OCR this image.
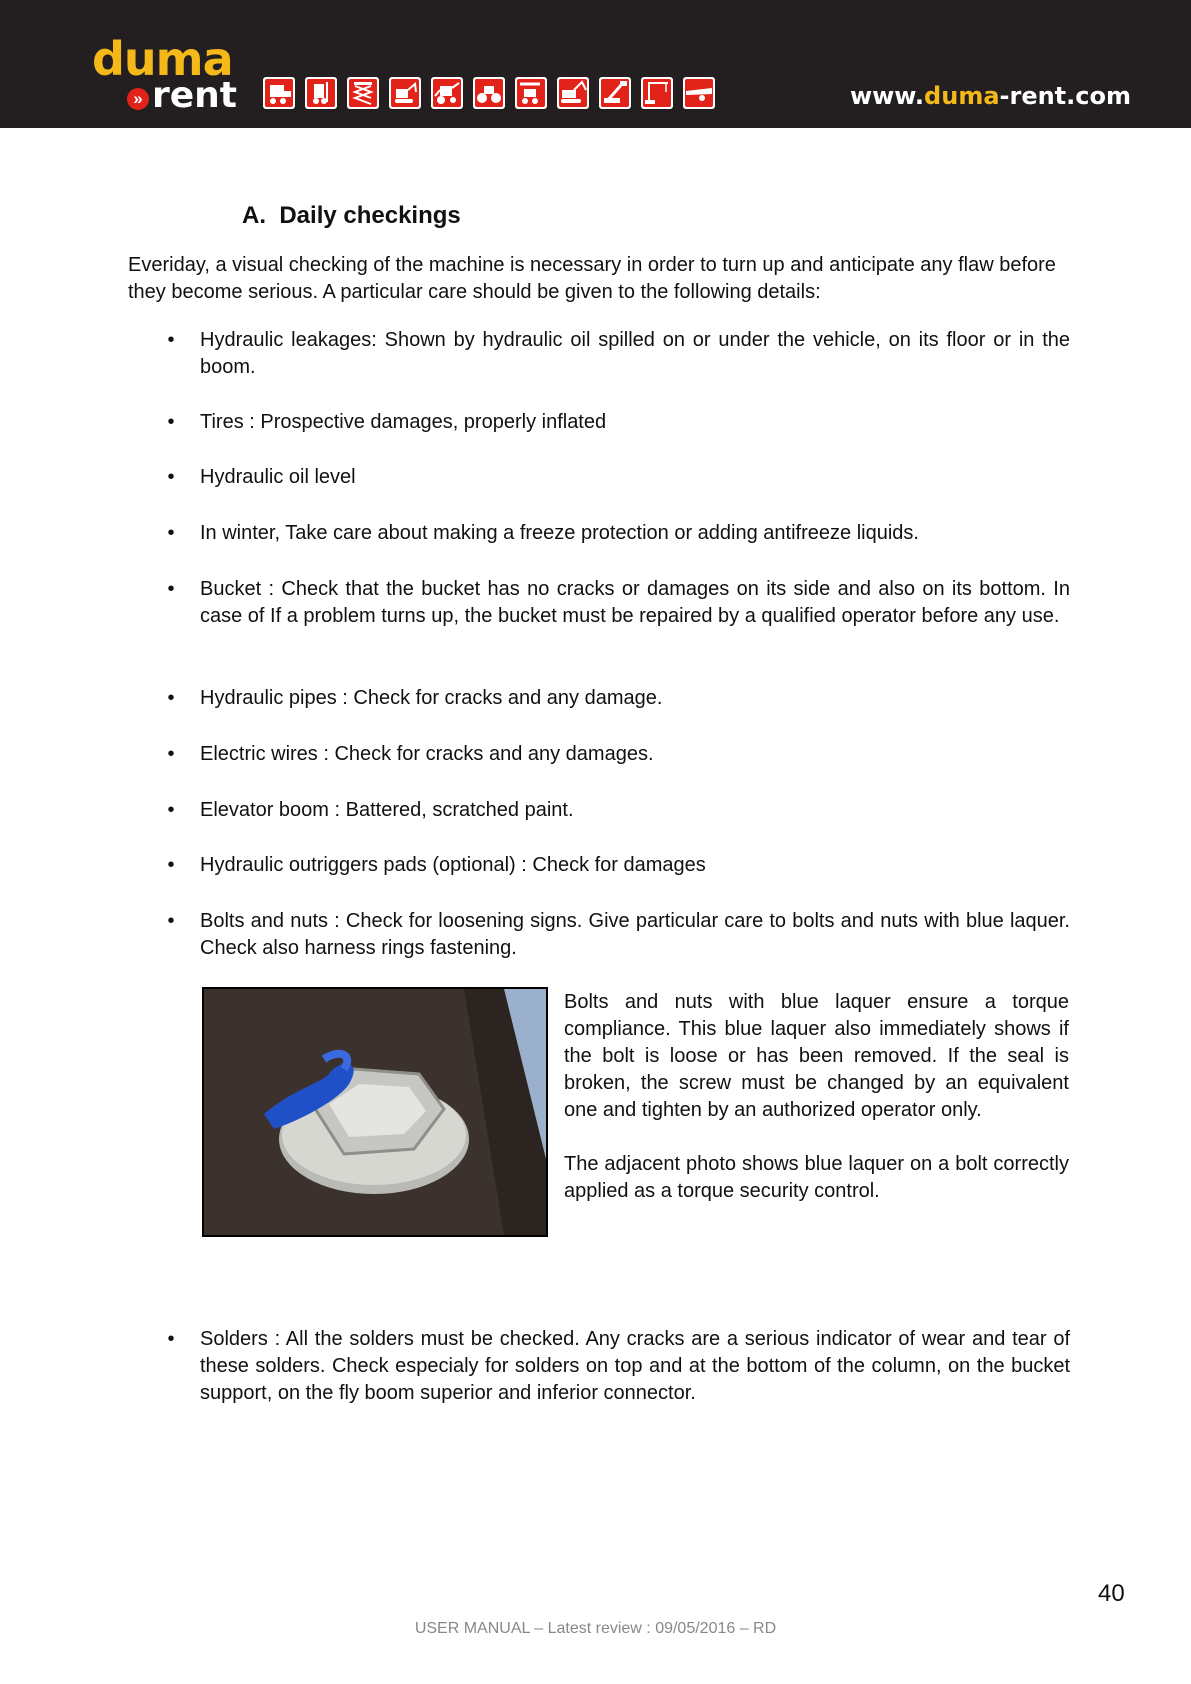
duma
» rent	www.duma-rent.com
A. Daily checkings

Everiday, a visual checking of the machine is necessary in order to turn up and anticipate any flaw before they become serious. A particular care should be given to the following details:

• Hydraulic leakages: Shown by hydraulic oil spilled on or under the vehicle, on its floor or in the boom.
• Tires : Prospective damages, properly inflated
• Hydraulic oil level
• In winter, Take care about making a freeze protection or adding antifreeze liquids.
• Bucket : Check that the bucket has no cracks or damages on its side and also on its bottom. In case of If a problem turns up, the bucket must be repaired by a qualified operator before any use.
• Hydraulic pipes : Check for cracks and any damage.
• Electric wires : Check for cracks and any damages.
• Elevator boom : Battered, scratched paint.
• Hydraulic outriggers pads (optional) : Check for damages
• Bolts and nuts : Check for loosening signs. Give particular care to bolts and nuts with blue laquer. Check also harness rings fastening.
• Solders : All the solders must be checked. Any cracks are a serious indicator of wear and tear of these solders. Check especialy for solders on top and at the bottom of the column, on the bucket support, on the fly boom superior and inferior connector.

Bolts and nuts with blue laquer ensure a torque compliance. This blue laquer also immediately shows if the bolt is loose or has been removed. If the seal is broken, the screw must be changed by an equivalent one and tighten by an authorized operator only.

The adjacent photo shows blue laquer on a bolt correctly applied as a torque security control.

40
USER MANUAL – Latest review : 09/05/2016 – RD
